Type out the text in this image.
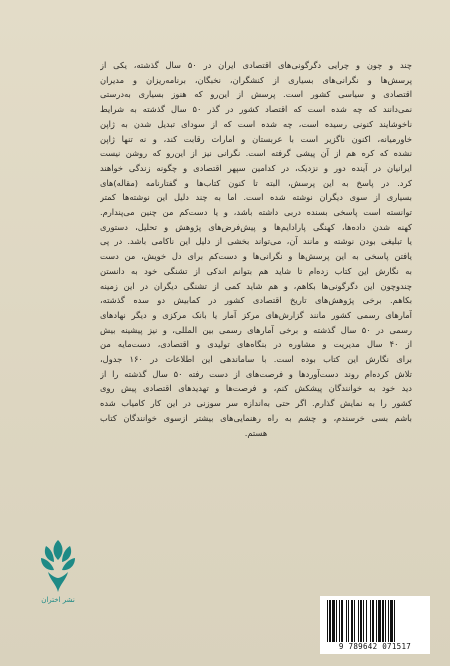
چند و چون و چرایی دگرگونی‌های اقتصادی ایران در ۵۰ سال گذشته، یکی از
پرسش‌ها و نگرانی‌های بسیاری از کنشگران، نخبگان، برنامه‌ریزان و مدیران
اقتصادی و سیاسی کشور است. پرسش از این‌رو که هنوز بسیاری به‌درستی
نمی‌دانند که چه شده است که اقتصاد کشور در گذر ۵۰ سال گذشته به شرایط
ناخوشایند کنونی رسیده است، چه شده است که از سودای تبدیل شدن به ژاپن
خاورمیانه، اکنون ناگزیر است با عربستان و امارات رقابت کند، و نه تنها ژاپن
نشده که کره هم از آن پیشی گرفته است. نگرانی نیز از این‌رو که روشن نیست
ایرانیان در آینده دور و نزدیک، در کدامین سپهر اقتصادی و چگونه زندگی خواهند
کرد. در پاسخ به این پرسش، البته تا کنون کتاب‌ها و گفتارنامه (مقاله)های
بسیاری از سوی دیگران نوشته شده است. اما به چند دلیل این نوشته‌ها کمتر
توانسته است پاسخی بسنده دربی داشته باشد، و یا دست‌کم من چنین می‌پندارم.
کهنه شدن داده‌ها، کهنگی پارادایم‌ها و پیش‌فرض‌های پژوهش و تحلیل، دستوری
یا تبلیغی بودن نوشته و مانند آن، می‌تواند بخشی از دلیل این ناکامی باشد. در پی
یافتن پاسخی به این پرسش‌ها و نگرانی‌ها و دست‌کم برای دل خویش، من دست
به نگارش این کتاب زده‌ام تا شاید هم بتوانم اندکی از تشنگی خود به دانستن
چندوچون این دگرگونی‌ها بکاهم، و هم شاید کمی از تشنگی دیگران در این زمینه
بکاهم. برخی پژوهش‌های تاریخ اقتصادی کشور در کمابیش دو سده گذشته،
آمارهای رسمی کشور مانند گزارش‌های مرکز آمار یا بانک مرکزی و دیگر نهادهای
رسمی در ۵۰ سال گذشته و برخی آمارهای رسمی بین المللی، و نیز پیشینه بیش
از ۴۰ سال مدیریت و مشاوره در بنگاه‌های تولیدی و اقتصادی، دست‌مایه من
برای نگارش این کتاب بوده است. با ساماندهی این اطلاعات در ۱۶۰ جدول،
تلاش کرده‌ام روند دست‌آوردها و فرصت‌های از دست رفته ۵۰ سال گذشته را از
دید خود به خوانندگان پیشکش کنم، و فرصت‌ها و تهدیدهای اقتصادی پیش روی
کشور را به نمایش گذارم. اگر حتی به‌اندازه سر سوزنی در این کار کامیاب شده
باشم بسی خرسندم، و چشم به راه رهنمایی‌های بیشتر ازسوی خوانندگان کتاب
هستم.
نشر اختران
9 789642 071517
